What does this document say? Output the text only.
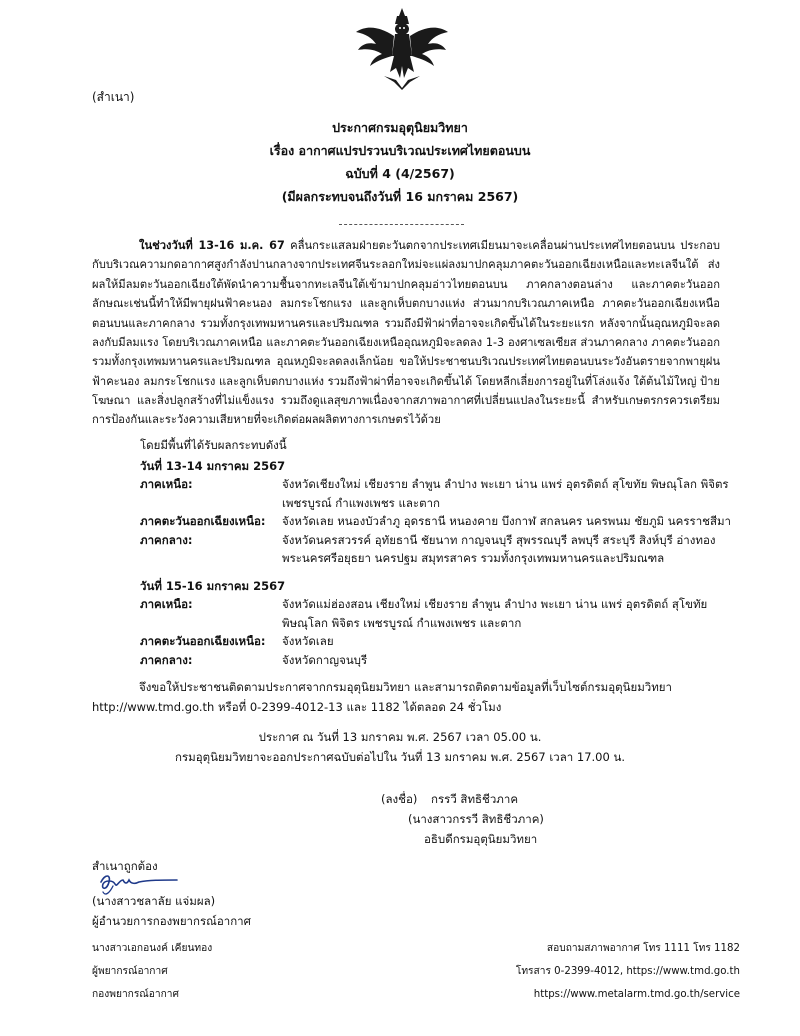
(สำเนา)
ประกาศกรมอุตุนิยมวิทยา
เรื่อง อากาศแปรปรวนบริเวณประเทศไทยตอนบน
ฉบับที่ 4 (4/2567)
(มีผลกระทบจนถึงวันที่ 16 มกราคม 2567)
ในช่วงวันที่ 13-16 ม.ค. 67 คลื่นกระแสลมฝ่ายตะวันตกจากประเทศเมียนมาจะเคลื่อนผ่านประเทศไทยตอนบน ประกอบกับบริเวณความกดอากาศสูงกำลังปานกลางจากประเทศจีนระลอกใหม่จะแผ่ลงมาปกคลุมภาคตะวันออกเฉียงเหนือและทะเลจีนใต้ ส่งผลให้มีลมตะวันออกเฉียงใต้พัดนำความชื้นจากทะเลจีนใต้เข้ามาปกคลุมอ่าวไทยตอนบน ภาคกลางตอนล่าง และภาคตะวันออก ลักษณะเช่นนี้ทำให้มีพายุฝนฟ้าคะนอง ลมกระโชกแรง และลูกเห็บตกบางแห่ง ส่วนมากบริเวณภาคเหนือ ภาคตะวันออกเฉียงเหนือตอนบนและภาคกลาง รวมทั้งกรุงเทพมหานครและปริมณฑล รวมถึงมีฟ้าผ่าที่อาจจะเกิดขึ้นได้ในระยะแรก หลังจากนั้นอุณหภูมิจะลดลงกับมีลมแรง โดยบริเวณภาคเหนือ และภาคตะวันออกเฉียงเหนืออุณหภูมิจะลดลง 1-3 องศาเซลเซียส ส่วนภาคกลาง ภาคตะวันออก รวมทั้งกรุงเทพมหานครและปริมณฑล อุณหภูมิจะลดลงเล็กน้อย ขอให้ประชาชนบริเวณประเทศไทยตอนบนระวังอันตรายจากพายุฝนฟ้าคะนอง ลมกระโชกแรง และลูกเห็บตกบางแห่ง รวมถึงฟ้าผ่าที่อาจจะเกิดขึ้นได้ โดยหลีกเลี่ยงการอยู่ในที่โล่งแจ้ง ใต้ต้นไม้ใหญ่ ป้ายโฆษณา และสิ่งปลูกสร้างที่ไม่แข็งแรง รวมถึงดูแลสุขภาพเนื่องจากสภาพอากาศที่เปลี่ยนแปลงในระยะนี้ สำหรับเกษตรกรควรเตรียมการป้องกันและระวังความเสียหายที่จะเกิดต่อผลผลิตทางการเกษตรไว้ด้วย
โดยมีพื้นที่ได้รับผลกระทบดังนี้
วันที่ 13-14 มกราคม 2567
ภาคเหนือ:	จังหวัดเชียงใหม่ เชียงราย ลำพูน ลำปาง พะเยา น่าน แพร่ อุตรดิตถ์ สุโขทัย พิษณุโลก พิจิตร เพชรบูรณ์ กำแพงเพชร และตาก
ภาคตะวันออกเฉียงเหนือ:	จังหวัดเลย หนองบัวลำภู อุดรธานี หนองคาย บึงกาฬ สกลนคร นครพนม ชัยภูมิ นครราชสีมา
ภาคกลาง:	จังหวัดนครสวรรค์ อุทัยธานี ชัยนาท กาญจนบุรี สุพรรณบุรี ลพบุรี สระบุรี สิงห์บุรี อ่างทอง พระนครศรีอยุธยา นครปฐม สมุทรสาคร รวมทั้งกรุงเทพมหานครและปริมณฑล
วันที่ 15-16 มกราคม 2567
ภาคเหนือ:	จังหวัดแม่ฮ่องสอน เชียงใหม่ เชียงราย ลำพูน ลำปาง พะเยา น่าน แพร่ อุตรดิตถ์ สุโขทัย พิษณุโลก พิจิตร เพชรบูรณ์ กำแพงเพชร และตาก
ภาคตะวันออกเฉียงเหนือ:	จังหวัดเลย
ภาคกลาง:	จังหวัดกาญจนบุรี
จึงขอให้ประชาชนติดตามประกาศจากกรมอุตุนิยมวิทยา และสามารถติดตามข้อมูลที่เว็บไซต์กรมอุตุนิยมวิทยา http://www.tmd.go.th หรือที่ 0-2399-4012-13 และ 1182 ได้ตลอด 24 ชั่วโมง
ประกาศ ณ วันที่ 13 มกราคม พ.ศ. 2567 เวลา 05.00 น.
กรมอุตุนิยมวิทยาจะออกประกาศฉบับต่อไปใน วันที่ 13 มกราคม พ.ศ. 2567 เวลา 17.00 น.
(ลงชื่อ)	กรรวี สิทธิชีวภาค
(นางสาวกรรวี สิทธิชีวภาค)
อธิบดีกรมอุตุนิยมวิทยา
สำเนาถูกต้อง
(นางสาวชลาลัย แจ่มผล)
ผู้อำนวยการกองพยากรณ์อากาศ
นางสาวเอกอนงค์ เคียนทอง
ผู้พยากรณ์อากาศ
กองพยากรณ์อากาศ
สอบถามสภาพอากาศ โทร 1111 โทร 1182
โทรสาร 0-2399-4012, https://www.tmd.go.th
https://www.metalarm.tmd.go.th/service
